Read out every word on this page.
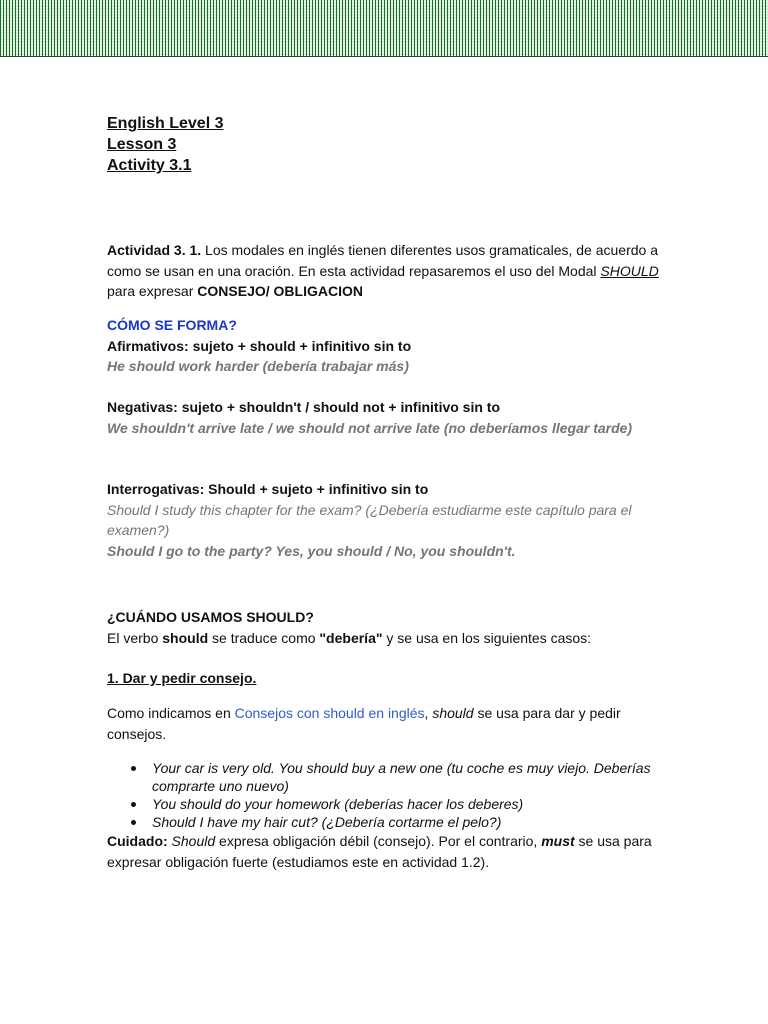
English Level 3
Lesson 3
Activity 3.1

Actividad 3. 1. Los modales en inglés tienen diferentes usos gramaticales, de acuerdo a como se usan en una oración. En esta actividad repasaremos el uso del Modal SHOULD para expresar CONSEJO/ OBLIGACION

CÓMO SE FORMA?

Afirmativos: sujeto + should + infinitivo sin to

He should work harder (debería trabajar más)

Negativas: sujeto + shouldn't / should not + infinitivo sin to

We shouldn't arrive late / we should not arrive late (no deberíamos llegar tarde)

Interrogativas: Should + sujeto + infinitivo sin to

Should I study this chapter for the exam? (¿Debería estudiarme este capítulo para el examen?)

Should I go to the party? Yes, you should / No, you shouldn't.

¿CUÁNDO USAMOS SHOULD?

El verbo should se traduce como "debería" y se usa en los siguientes casos:

1. Dar y pedir consejo.

Como indicamos en Consejos con should en inglés, should se usa para dar y pedir consejos.

Your car is very old. You should buy a new one (tu coche es muy viejo. Deberías comprarte uno nuevo)
You should do your homework (deberías hacer los deberes)
Should I have my hair cut? (¿Debería cortarme el pelo?)

Cuidado: Should expresa obligación débil (consejo). Por el contrario, must se usa para expresar obligación fuerte (estudiamos este en actividad 1.2).
